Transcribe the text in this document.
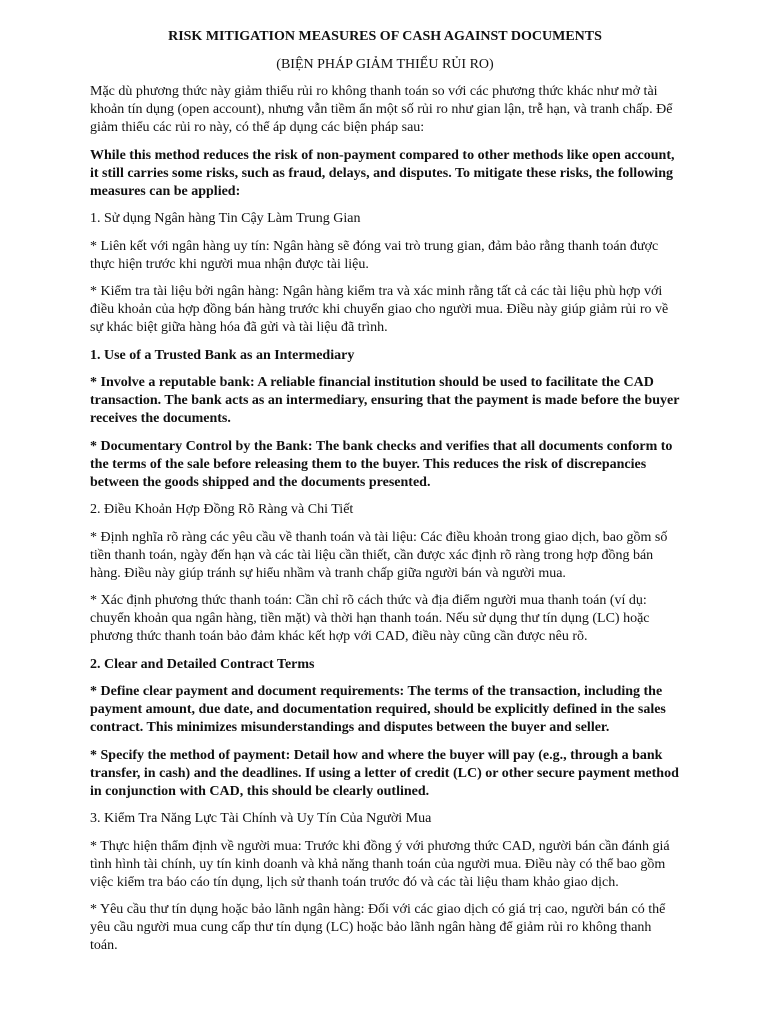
RISK MITIGATION MEASURES OF CASH AGAINST DOCUMENTS
(BIỆN PHÁP GIẢM THIỂU RỦI RO)

Mặc dù phương thức này giảm thiểu rủi ro không thanh toán so với các phương thức khác như mở tài khoản tín dụng (open account), nhưng vẫn tiềm ẩn một số rủi ro như gian lận, trễ hạn, và tranh chấp. Để giảm thiểu các rủi ro này, có thể áp dụng các biện pháp sau:

While this method reduces the risk of non-payment compared to other methods like open account, it still carries some risks, such as fraud, delays, and disputes. To mitigate these risks, the following measures can be applied:

1. Sử dụng Ngân hàng Tin Cậy Làm Trung Gian

* Liên kết với ngân hàng uy tín: Ngân hàng sẽ đóng vai trò trung gian, đảm bảo rằng thanh toán được thực hiện trước khi người mua nhận được tài liệu.

* Kiểm tra tài liệu bởi ngân hàng: Ngân hàng kiểm tra và xác minh rằng tất cả các tài liệu phù hợp với điều khoản của hợp đồng bán hàng trước khi chuyển giao cho người mua. Điều này giúp giảm rủi ro về sự khác biệt giữa hàng hóa đã gửi và tài liệu đã trình.

1. Use of a Trusted Bank as an Intermediary

* Involve a reputable bank: A reliable financial institution should be used to facilitate the CAD transaction. The bank acts as an intermediary, ensuring that the payment is made before the buyer receives the documents.

* Documentary Control by the Bank: The bank checks and verifies that all documents conform to the terms of the sale before releasing them to the buyer. This reduces the risk of discrepancies between the goods shipped and the documents presented.

2. Điều Khoản Hợp Đồng Rõ Ràng và Chi Tiết

* Định nghĩa rõ ràng các yêu cầu về thanh toán và tài liệu: Các điều khoản trong giao dịch, bao gồm số tiền thanh toán, ngày đến hạn và các tài liệu cần thiết, cần được xác định rõ ràng trong hợp đồng bán hàng. Điều này giúp tránh sự hiểu nhầm và tranh chấp giữa người bán và người mua.

* Xác định phương thức thanh toán: Cần chỉ rõ cách thức và địa điểm người mua thanh toán (ví dụ: chuyển khoản qua ngân hàng, tiền mặt) và thời hạn thanh toán. Nếu sử dụng thư tín dụng (LC) hoặc phương thức thanh toán bảo đảm khác kết hợp với CAD, điều này cũng cần được nêu rõ.

2. Clear and Detailed Contract Terms

* Define clear payment and document requirements: The terms of the transaction, including the payment amount, due date, and documentation required, should be explicitly defined in the sales contract. This minimizes misunderstandings and disputes between the buyer and seller.

* Specify the method of payment: Detail how and where the buyer will pay (e.g., through a bank transfer, in cash) and the deadlines. If using a letter of credit (LC) or other secure payment method in conjunction with CAD, this should be clearly outlined.

3. Kiểm Tra Năng Lực Tài Chính và Uy Tín Của Người Mua

* Thực hiện thẩm định về người mua: Trước khi đồng ý với phương thức CAD, người bán cần đánh giá tình hình tài chính, uy tín kinh doanh và khả năng thanh toán của người mua. Điều này có thể bao gồm việc kiểm tra báo cáo tín dụng, lịch sử thanh toán trước đó và các tài liệu tham khảo giao dịch.

* Yêu cầu thư tín dụng hoặc bảo lãnh ngân hàng: Đối với các giao dịch có giá trị cao, người bán có thể yêu cầu người mua cung cấp thư tín dụng (LC) hoặc bảo lãnh ngân hàng để giảm rủi ro không thanh toán.
